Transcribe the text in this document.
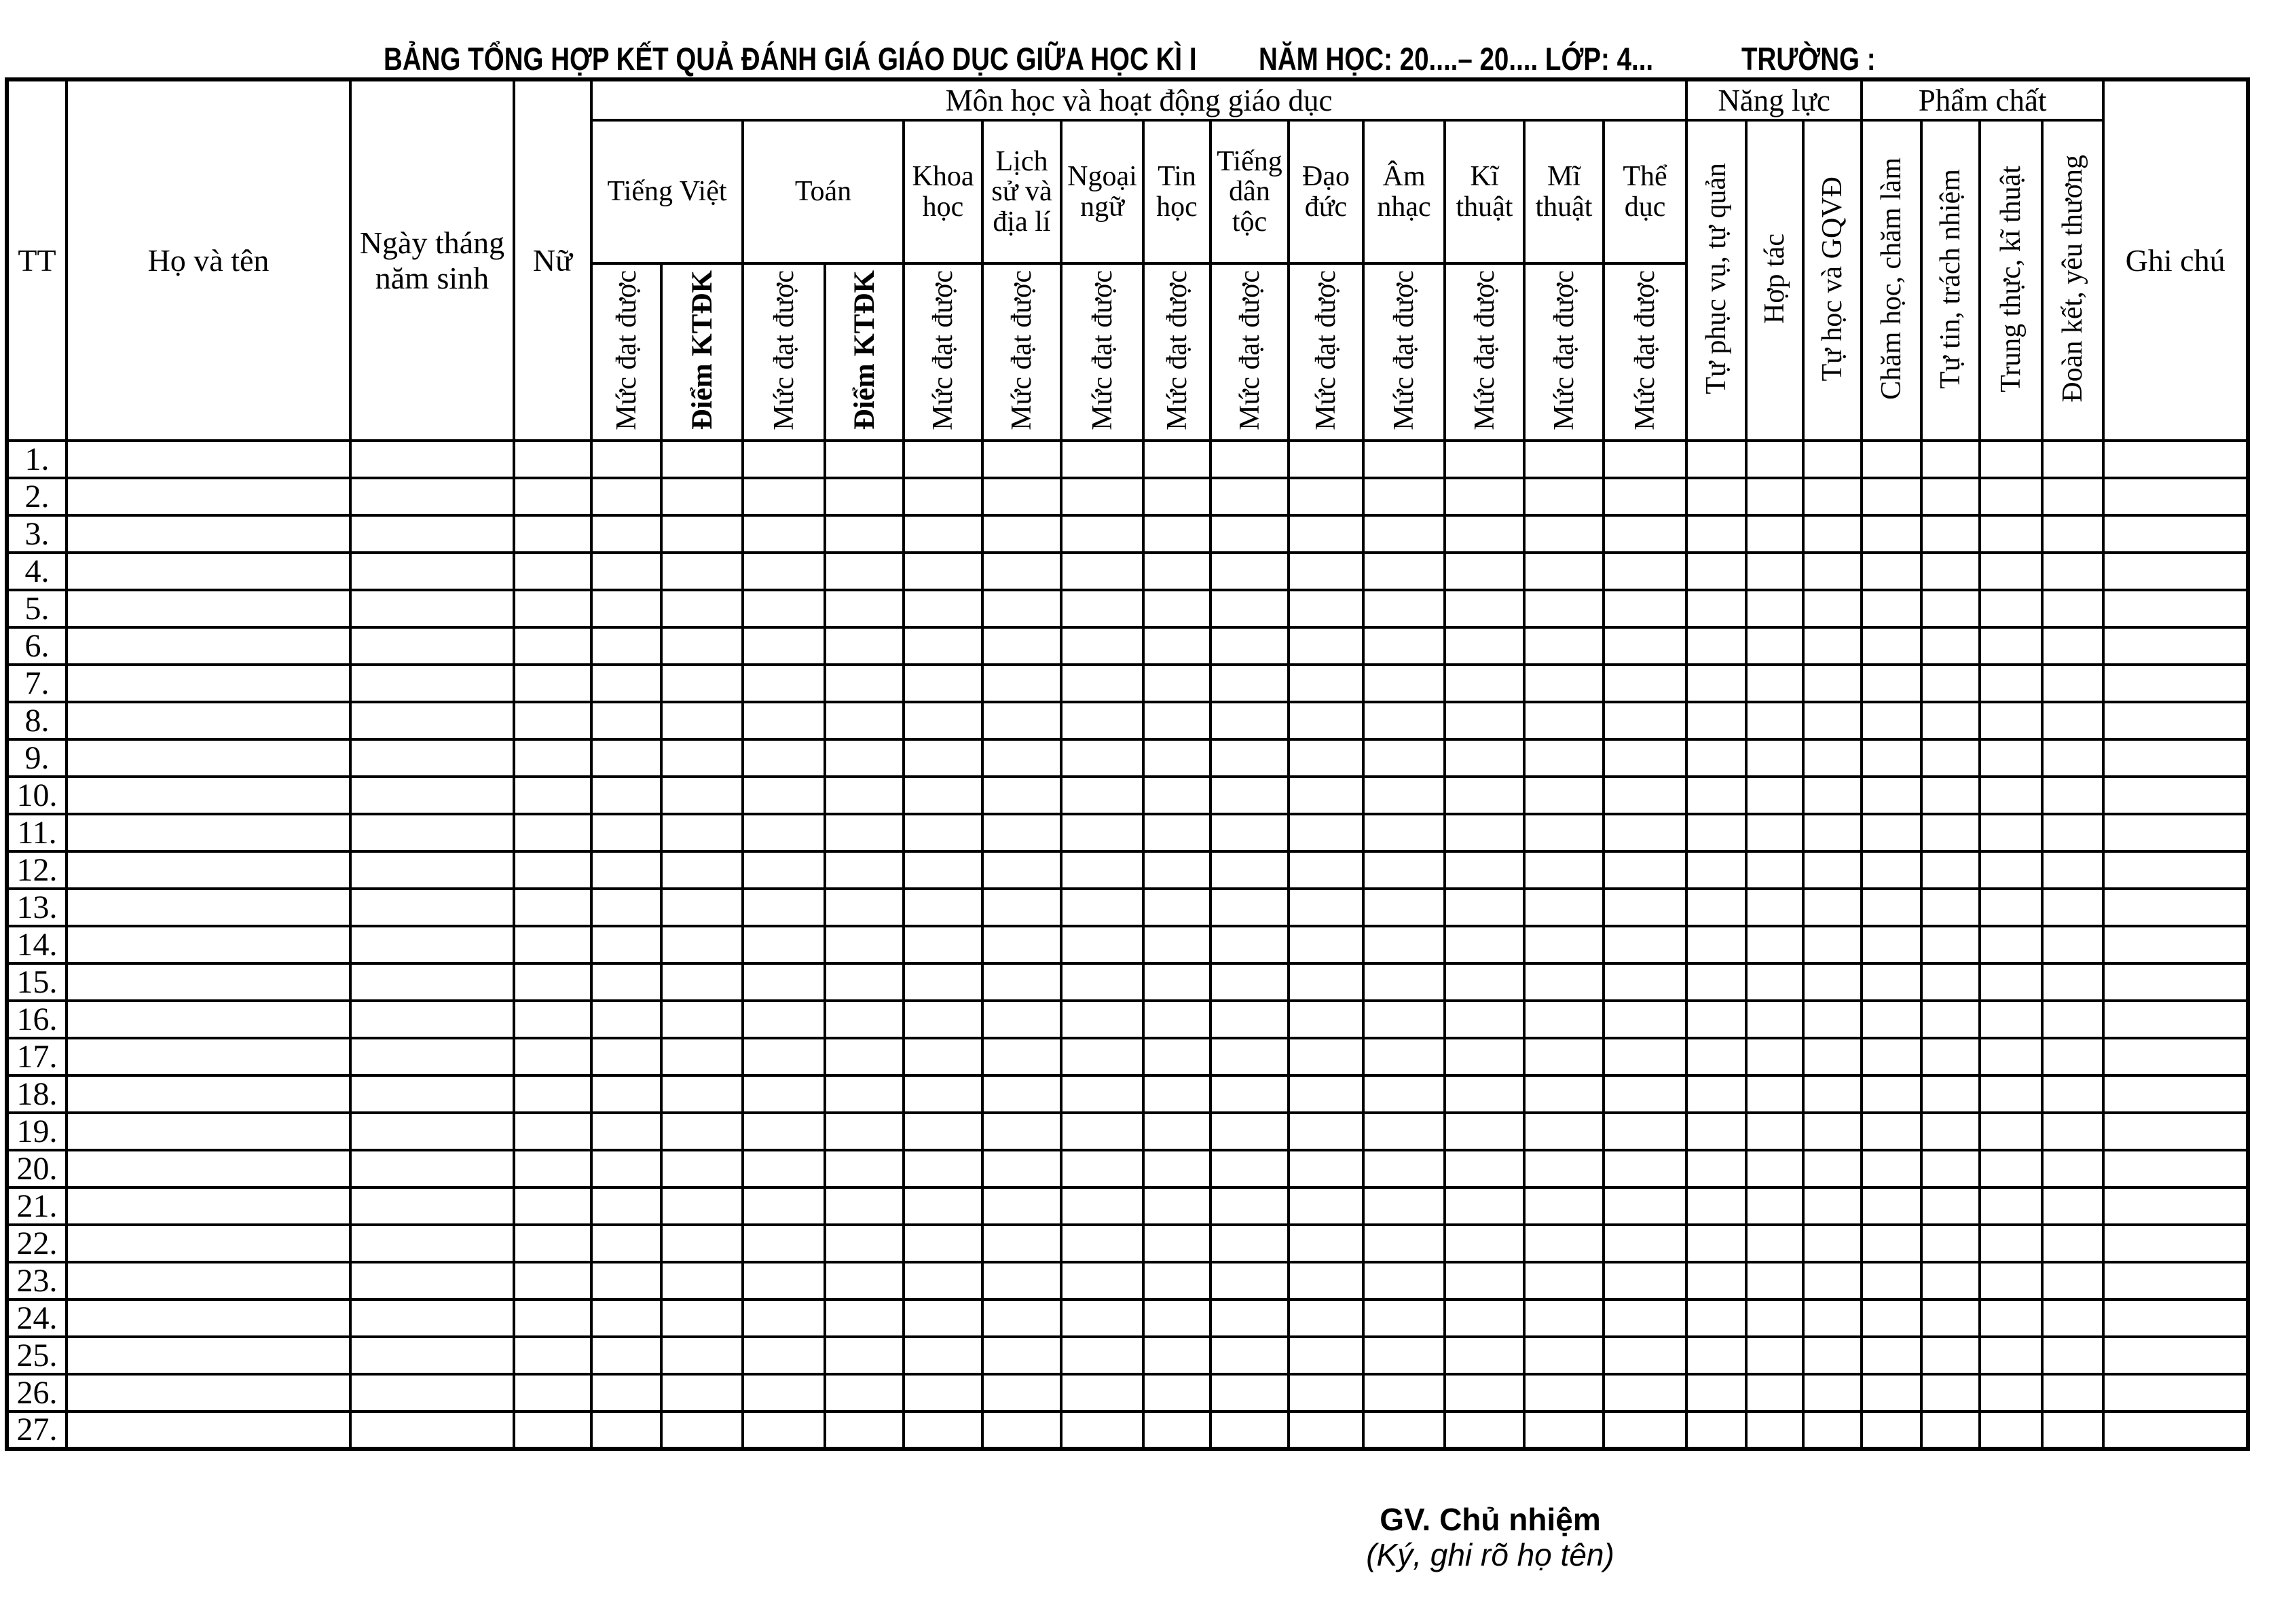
BẢNG TỔNG HỢP KẾT QUẢ ĐÁNH GIÁ GIÁO DỤC GIỮA HỌC KÌ I NĂM HỌC: 20....– 20.... LỚP: 4...	TRƯỜNG :
TT	Họ và tên	Ngày tháng năm sinh	Nữ	Môn học và hoạt động giáo dục														Năng lực			Phẩm chất				Ghi chú
				Tiếng Việt		Toán		Khoa học	Lịch sử và địa lí	Ngoại ngữ	Tin học	Tiếng dân tộc	Đạo đức	Âm nhạc	Kĩ thuật	Mĩ thuật	Thể dục	Tự phục vụ, tự quản	Hợp tác	Tự học và GQVĐ	Chăm học, chăm làm	Tự tin, trách nhiệm	Trung thực, kĩ thuật	Đoàn kết, yêu thương	
				Mức đạt được	Điểm KTĐK	Mức đạt được	Điểm KTĐK	Mức đạt được	Mức đạt được	Mức đạt được	Mức đạt được	Mức đạt được	Mức đạt được	Mức đạt được	Mức đạt được	Mức đạt được	Mức đạt được								
1.																									
2.																									
3.																									
4.																									
5.																									
6.																									
7.																									
8.																									
9.																									
10.																									
11.																									
12.																									
13.																									
14.																									
15.																									
16.																									
17.																									
18.																									
19.																									
20.																									
21.																									
22.																									
23.																									
24.																									
25.																									
26.																									
27.																									
GV. Chủ nhiệm
(Ký, ghi rõ họ tên)
